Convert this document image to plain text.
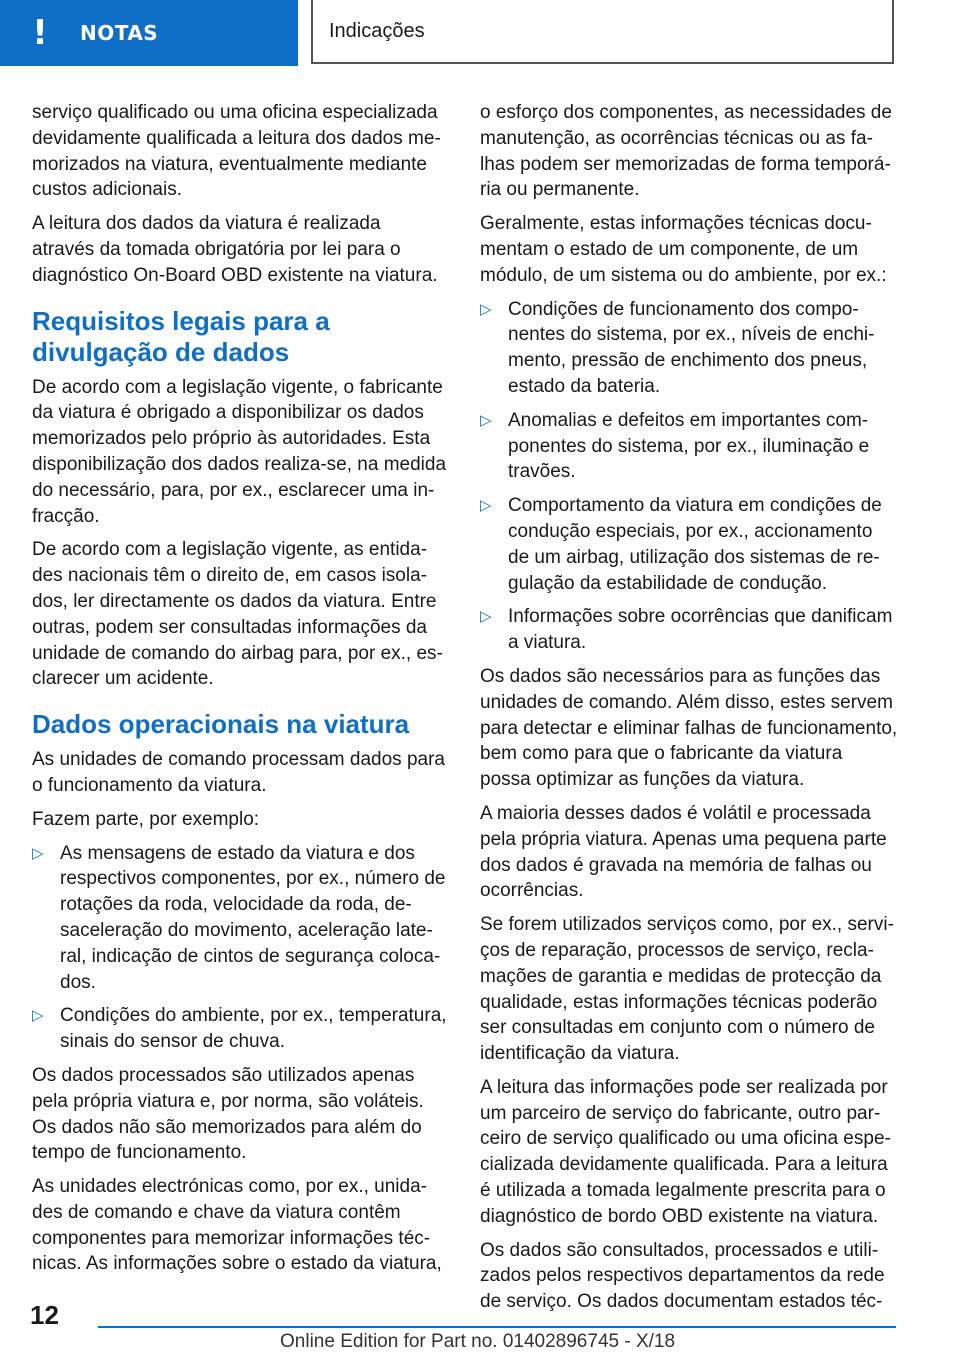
!	NOTAS	Indicações

serviço qualificado ou uma oficina especializada devidamente qualificada a leitura dos dados memorizados na viatura, eventualmente mediante custos adicionais.

A leitura dos dados da viatura é realizada através da tomada obrigatória por lei para o diagnóstico On-Board OBD existente na viatura.

Requisitos legais para a divulgação de dados

De acordo com a legislação vigente, o fabricante da viatura é obrigado a disponibilizar os dados memorizados pelo próprio às autoridades. Esta disponibilização dos dados realiza-se, na medida do necessário, para, por ex., esclarecer uma infracção.

De acordo com a legislação vigente, as entidades nacionais têm o direito de, em casos isolados, ler directamente os dados da viatura. Entre outras, podem ser consultadas informações da unidade de comando do airbag para, por ex., esclarecer um acidente.

Dados operacionais na viatura

As unidades de comando processam dados para o funcionamento da viatura.

Fazem parte, por exemplo:

▷ As mensagens de estado da viatura e dos respectivos componentes, por ex., número de rotações da roda, velocidade da roda, desaceleração do movimento, aceleração lateral, indicação de cintos de segurança colocados.
▷ Condições do ambiente, por ex., temperatura, sinais do sensor de chuva.

Os dados processados são utilizados apenas pela própria viatura e, por norma, são voláteis. Os dados não são memorizados para além do tempo de funcionamento.

As unidades electrónicas como, por ex., unidades de comando e chave da viatura contêm componentes para memorizar informações técnicas. As informações sobre o estado da viatura,

o esforço dos componentes, as necessidades de manutenção, as ocorrências técnicas ou as falhas podem ser memorizadas de forma temporária ou permanente.

Geralmente, estas informações técnicas documentam o estado de um componente, de um módulo, de um sistema ou do ambiente, por ex.:

▷ Condições de funcionamento dos componentes do sistema, por ex., níveis de enchimento, pressão de enchimento dos pneus, estado da bateria.
▷ Anomalias e defeitos em importantes componentes do sistema, por ex., iluminação e travões.
▷ Comportamento da viatura em condições de condução especiais, por ex., accionamento de um airbag, utilização dos sistemas de regulação da estabilidade de condução.
▷ Informações sobre ocorrências que danificam a viatura.

Os dados são necessários para as funções das unidades de comando. Além disso, estes servem para detectar e eliminar falhas de funcionamento, bem como para que o fabricante da viatura possa optimizar as funções da viatura.

A maioria desses dados é volátil e processada pela própria viatura. Apenas uma pequena parte dos dados é gravada na memória de falhas ou ocorrências.

Se forem utilizados serviços como, por ex., serviços de reparação, processos de serviço, reclamações de garantia e medidas de protecção da qualidade, estas informações técnicas poderão ser consultadas em conjunto com o número de identificação da viatura.

A leitura das informações pode ser realizada por um parceiro de serviço do fabricante, outro parceiro de serviço qualificado ou uma oficina especializada devidamente qualificada. Para a leitura é utilizada a tomada legalmente prescrita para o diagnóstico de bordo OBD existente na viatura.

Os dados são consultados, processados e utilizados pelos respectivos departamentos da rede de serviço. Os dados documentam estados téc-

12
Online Edition for Part no. 01402896745 - X/18
